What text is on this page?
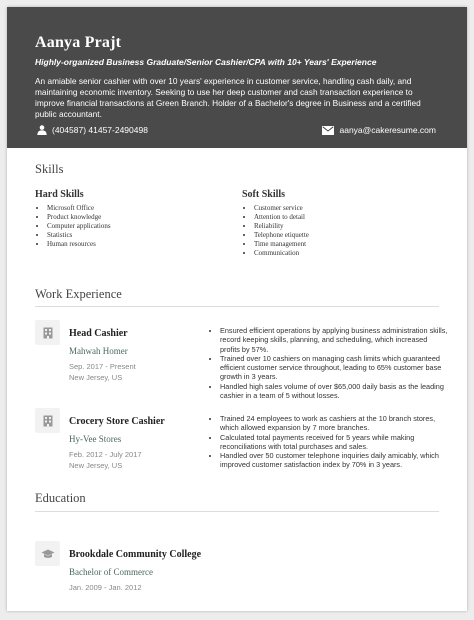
Aanya Prajt
Highly-organized Business Graduate/Senior Cashier/CPA with 10+ Years' Experience
An amiable senior cashier with over 10 years' experience in customer service, handling cash daily, and maintaining economic inventory. Seeking to use her deep customer and cash transaction experience to improve financial transactions at Green Branch. Holder of a Bachelor's degree in Business and a certified public accountant.
(404587) 41457-2490498	aanya@cakeresume.com
Skills
Hard Skills
• Microsoft Office
• Product knowledge
• Computer applications
• Statistics
• Human resources
Soft Skills
• Customer service
• Attention to detail
• Reliability
• Telephone etiquette
• Time management
• Communication
Work Experience
Head Cashier
Mahwah Homer
Sep. 2017 - Present
New Jersey, US
• Ensured efficient operations by applying business administration skills, record keeping skills, planning, and scheduling, which increased profits by 57%.
• Trained over 10 cashiers on managing cash limits which guaranteed efficient customer service throughout, leading to 65% customer base growth in 3 years.
• Handled high sales volume of over $65,000 daily basis as the leading cashier in a team of 5 without losses.
Crocery Store Cashier
Hy-Vee Stores
Feb. 2012 - July 2017
New Jersey, US
• Trained 24 employees to work as cashiers at the 10 branch stores, which allowed expansion by 7 more branches.
• Calculated total payments received for 5 years while making reconciliations with total purchases and sales.
• Handled over 50 customer telephone inquiries daily amicably, which improved customer satisfaction index by 70% in 3 years.
Education
Brookdale Community College
Bachelor of Commerce
Jan. 2009 - Jan. 2012
